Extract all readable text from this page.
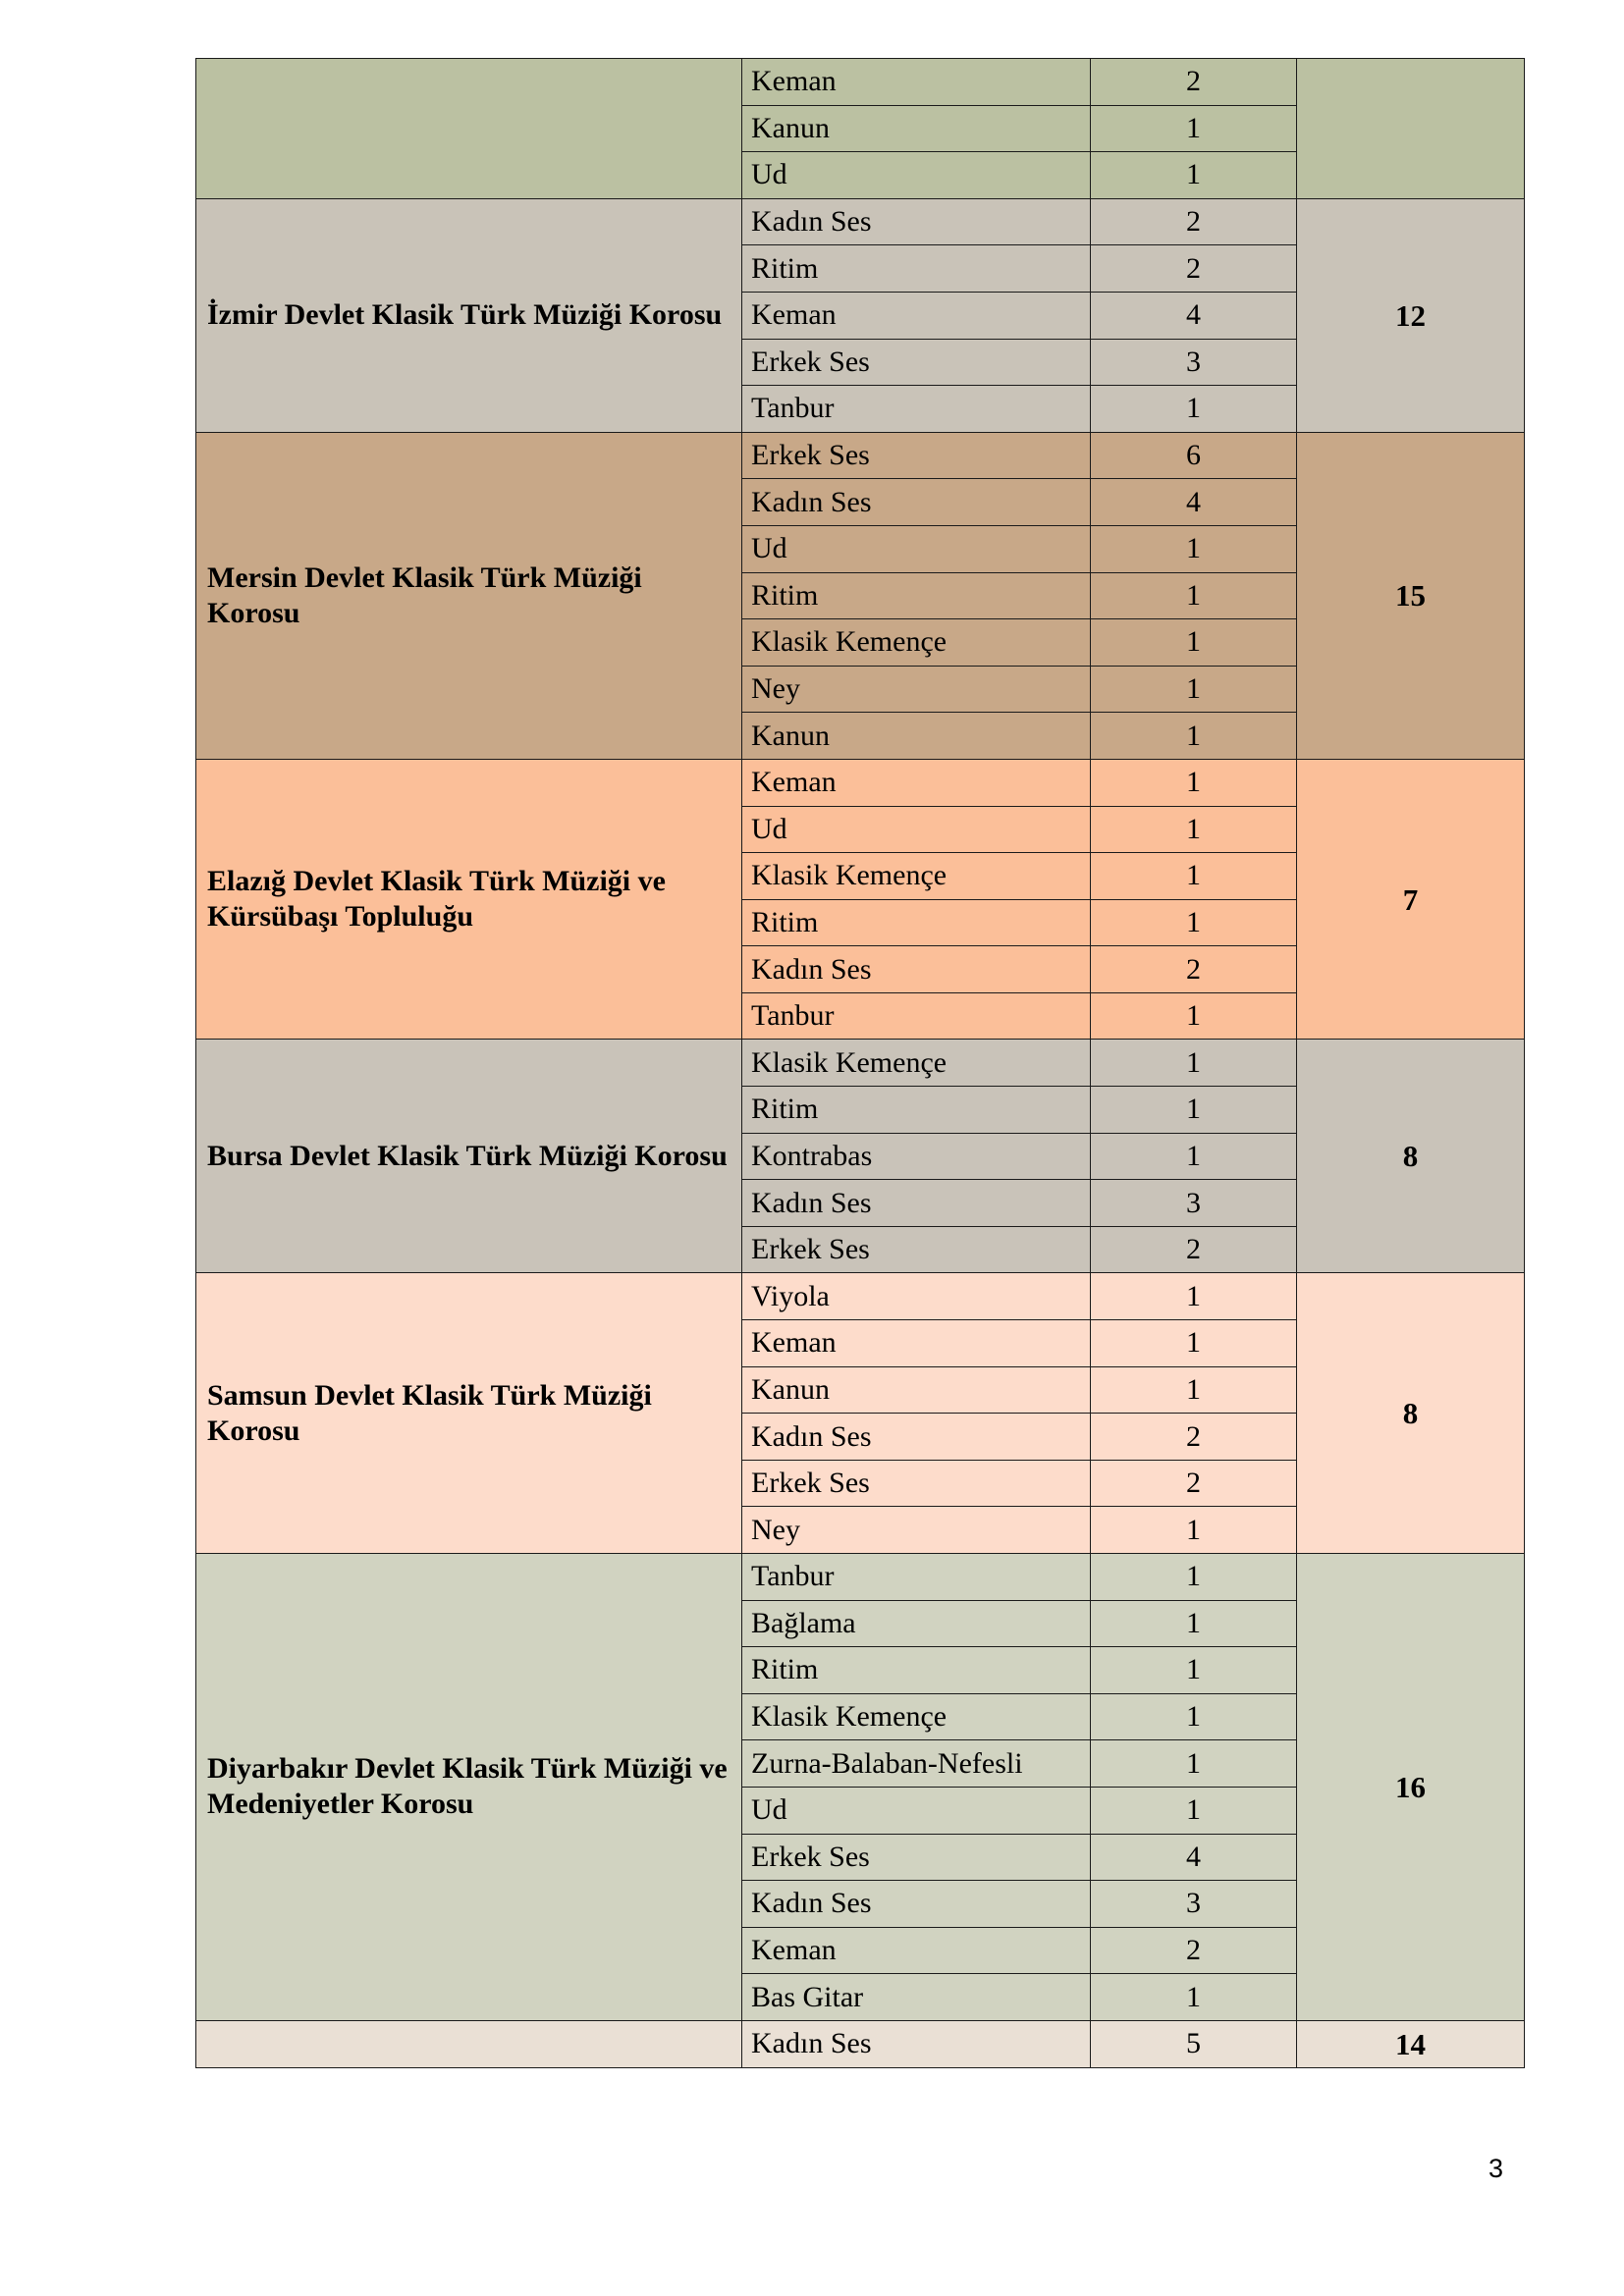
	Keman	2	
	Kanun	1	
	Ud	1	
İzmir Devlet Klasik Türk Müziği Korosu	Kadın Ses	2	12
	Ritim	2	
	Keman	4	
	Erkek Ses	3	
	Tanbur	1	
Mersin Devlet Klasik Türk Müziği Korosu	Erkek Ses	6	15
	Kadın Ses	4	
	Ud	1	
	Ritim	1	
	Klasik Kemençe	1	
	Ney	1	
	Kanun	1	
Elazığ Devlet Klasik Türk Müziği ve Kürsübaşı Topluluğu	Keman	1	7
	Ud	1	
	Klasik Kemençe	1	
	Ritim	1	
	Kadın Ses	2	
	Tanbur	1	
Bursa Devlet Klasik Türk Müziği Korosu	Klasik Kemençe	1	8
	Ritim	1	
	Kontrabas	1	
	Kadın Ses	3	
	Erkek Ses	2	
Samsun Devlet Klasik Türk Müziği Korosu	Viyola	1	8
	Keman	1	
	Kanun	1	
	Kadın Ses	2	
	Erkek Ses	2	
	Ney	1	
Diyarbakır Devlet Klasik Türk Müziği ve Medeniyetler Korosu	Tanbur	1	16
	Bağlama	1	
	Ritim	1	
	Klasik Kemençe	1	
	Zurna-Balaban-Nefesli	1	
	Ud	1	
	Erkek Ses	4	
	Kadın Ses	3	
	Keman	2	
	Bas Gitar	1	
	Kadın Ses	5	14
3
